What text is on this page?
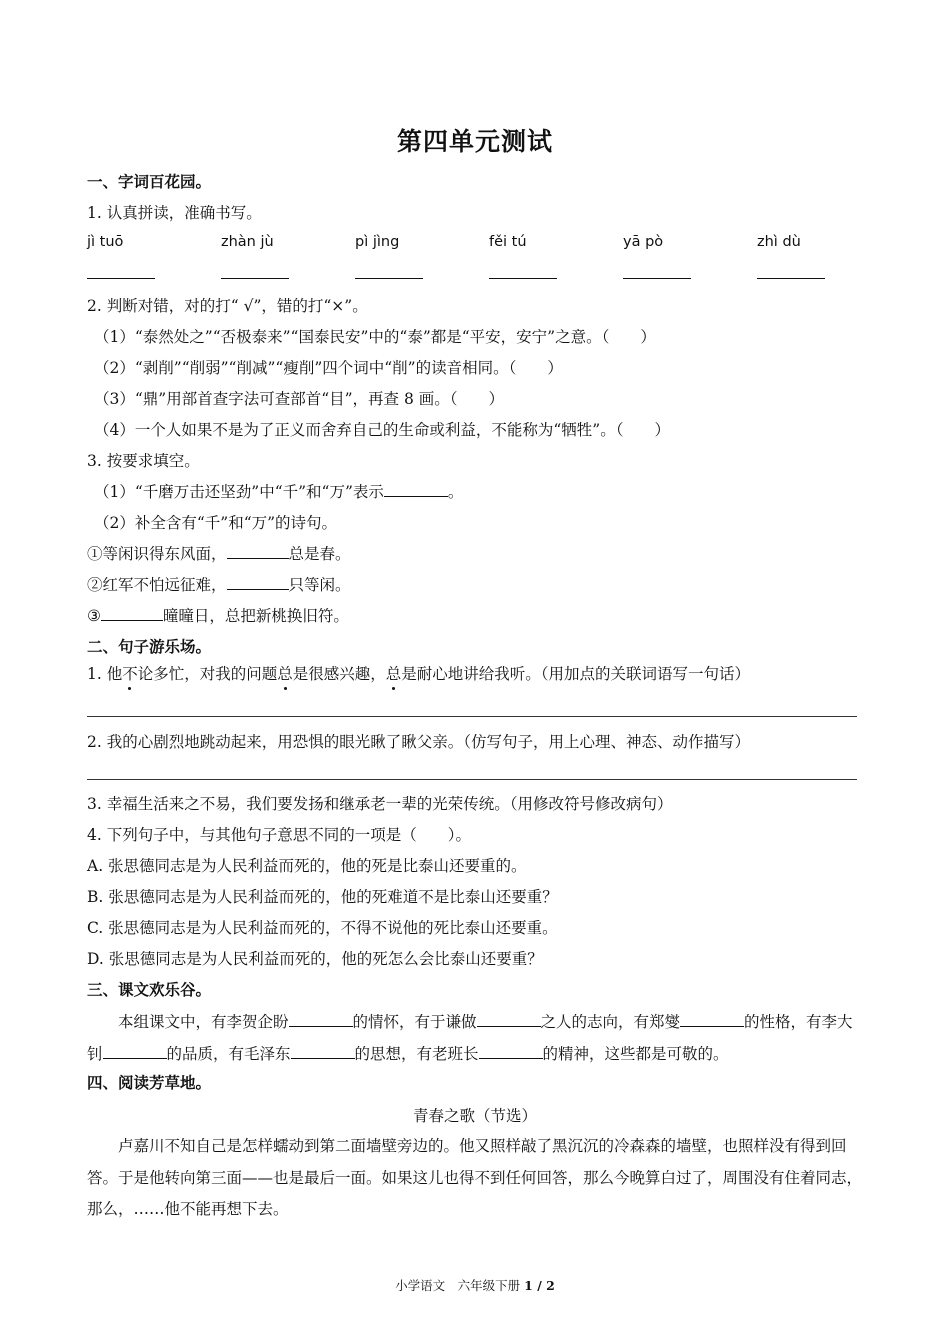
第四单元测试
一、字词百花园。
1. 认真拼读，准确书写。
jì tuō	zhàn jù	pì jìng	fěi tú	yā pò	zhì dù
2. 判断对错，对的打“ √”，错的打“×”。
（1）“泰然处之”“否极泰来”“国泰民安”中的“泰”都是“平安，安宁”之意。（　　）
（2）“剥削”“削弱”“削减”“瘦削”四个词中“削”的读音相同。（　　）
（3）“鼎”用部首查字法可查部首“目”，再查 8 画。（　　）
（4）一个人如果不是为了正义而舍弃自己的生命或利益，不能称为“牺牲”。（　　）
3. 按要求填空。
（1）“千磨万击还坚劲”中“千”和“万”表示	。
（2）补全含有“千”和“万”的诗句。
①等闲识得东风面，	总是春。
②红军不怕远征难，	只等闲。
③	曈曈日，总把新桃换旧符。
二、句子游乐场。
1. 他不论多忙，对我的问题总是很感兴趣，总是耐心地讲给我听。（用加点的关联词语写一句话）
2. 我的心剧烈地跳动起来，用恐惧的眼光瞅了瞅父亲。（仿写句子，用上心理、神态、动作描写）
3. 幸福生活来之不易，我们要发扬和继承老一辈的光荣传统。（用修改符号修改病句）
4. 下列句子中，与其他句子意思不同的一项是（　　）。
A. 张思德同志是为人民利益而死的，他的死是比泰山还要重的。
B. 张思德同志是为人民利益而死的，他的死难道不是比泰山还要重？
C. 张思德同志是为人民利益而死的，不得不说他的死比泰山还要重。
D. 张思德同志是为人民利益而死的，他的死怎么会比泰山还要重？
三、课文欢乐谷。
本组课文中，有李贺企盼	的情怀，有于谦做	之人的志向，有郑燮	的性格，有李大钊	的品质，有毛泽东	的思想，有老班长	的精神，这些都是可敬的。
四、阅读芳草地。
青春之歌（节选）
卢嘉川不知自己是怎样蠕动到第二面墙壁旁边的。他又照样敲了黑沉沉的冷森森的墙壁，也照样没有得到回答。于是他转向第三面——也是最后一面。如果这儿也得不到任何回答，那么今晚算白过了，周围没有住着同志，那么，……他不能再想下去。
小学语文　六年级下册 1 / 2
